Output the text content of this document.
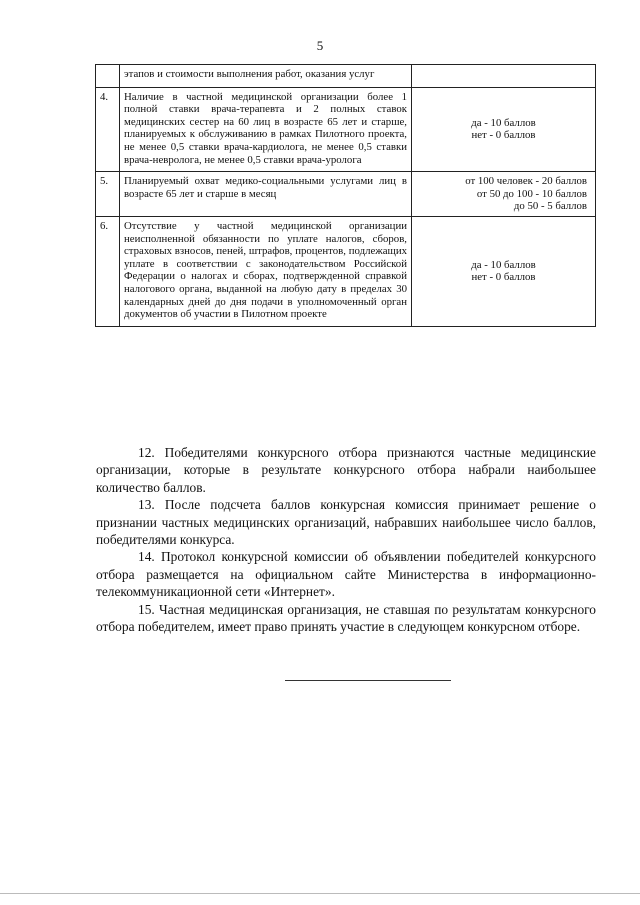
5
	этапов и стоимости выполнения работ, оказания услуг	
4.	Наличие в частной медицинской организации более 1 полной ставки врача-терапевта и 2 полных ставок медицинских сестер на 60 лиц в возрасте 65 лет и старше, планируемых к обслуживанию в рамках Пилотного проекта, не менее 0,5 ставки врача-кардиолога, не менее 0,5 ставки врача-невролога, не менее 0,5 ставки врача-уролога	да - 10 баллов
нет - 0 баллов

5.	Планируемый охват медико-социальными услугами лиц в возрасте 65 лет и старше в месяц	от 100 человек - 20 баллов
от 50 до 100 - 10 баллов
до 50 - 5 баллов

6.	Отсутствие у частной медицинской организации неисполненной обязанности по уплате налогов, сборов, страховых взносов, пеней, штрафов, процентов, подлежащих уплате в соответствии с законодательством Российской Федерации о налогах и сборах, подтвержденной справкой налогового органа, выданной на любую дату в пределах 30 календарных дней до дня подачи в уполномоченный орган документов об участии в Пилотном проекте	да - 10 баллов
нет - 0 баллов

12. Победителями конкурсного отбора признаются частные медицинские организации, которые в результате конкурсного отбора набрали наибольшее количество баллов.

13. После подсчета баллов конкурсная комиссия принимает решение о признании частных медицинских организаций, набравших наибольшее число баллов, победителями конкурса.

14. Протокол конкурсной комиссии об объявлении победителей конкурсного отбора размещается на официальном сайте Министерства в информационно-телекоммуникационной сети «Интернет».

15. Частная медицинская организация, не ставшая по результатам конкурсного отбора победителем, имеет право принять участие в следующем конкурсном отборе.
